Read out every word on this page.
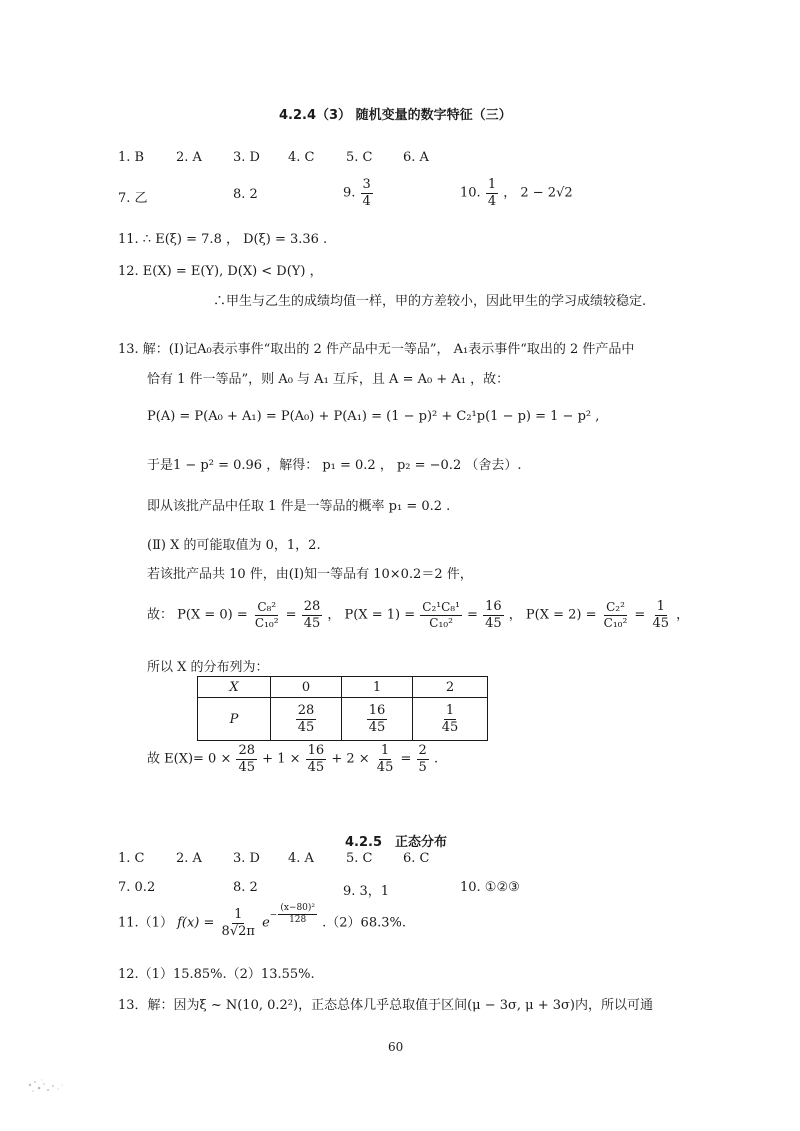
4.2.4（3） 随机变量的数字特征（三）
1. B 2. A 3. D 4. C 5. C 6. A
7. 乙	8. 2	9. $\frac{3}{4}$	10. $\frac{1}{4}$ ， 2 − 2√2
11. ∴ E(ξ) = 7.8 ， D(ξ) = 3.36 .
12. E(X) = E(Y), D(X) < D(Y) ，
∴甲生与乙生的成绩均值一样，甲的方差较小，因此甲生的学习成绩较稳定.
13. 解：(Ⅰ)记A₀表示事件“取出的 2 件产品中无一等品”， A₁表示事件“取出的 2 件产品中
恰有 1 件一等品”，则 A₀ 与 A₁ 互斥，且 A = A₀ + A₁ ，故：
P(A) = P(A₀ + A₁) = P(A₀) + P(A₁) = (1 − p)² + C₂¹p(1 − p) = 1 − p² ,
于是1 − p² = 0.96 ，解得： p₁ = 0.2 ， p₂ = −0.2 （舍去）.
即从该批产品中任取 1 件是一等品的概率 p₁ = 0.2 .
(Ⅱ) X 的可能取值为 0，1，2.
若该批产品共 10 件，由(Ⅰ)知一等品有 10×0.2＝2 件，
故： $P(X = 0) = \frac{\text{C₈²}}{\text{C₁₀²}} = \frac{28}{45}$ ， $P(X = 1) = \frac{\text{C₂¹C₈¹}}{\text{C₁₀²}} = \frac{16}{45}$ ， $P(X = 2) = \frac{\text{C₂²}}{\text{C₁₀²}} = \frac{1}{45}$ ，
所以 X 的分布列为：
X	0	1	2
P	$\frac{28}{45}$	$\frac{16}{45}$	$\frac{1}{45}$
故 $E(X)= 0 \times \frac{28}{45} + 1 \times \frac{16}{45} + 2 \times \frac{1}{45} = \frac{2}{5}$ .
4.2.5　正态分布
1. C 2. A 3. D 4. A 5. C 6. C
7. 0.2	8. 2	9. 3，1	10. ①②③
11.（1） $f(x) = \frac{1}{8√2\pi} e- \frac{\text{(x−80)²}}{128} .(2)68.3\%$.
12.（1）15.85%.（2）13.55%.
13．解：因为ξ ~ N(10, 0.2²)，正态总体几乎总取值于区间(μ − 3σ, μ + 3σ)内，所以可通
60
